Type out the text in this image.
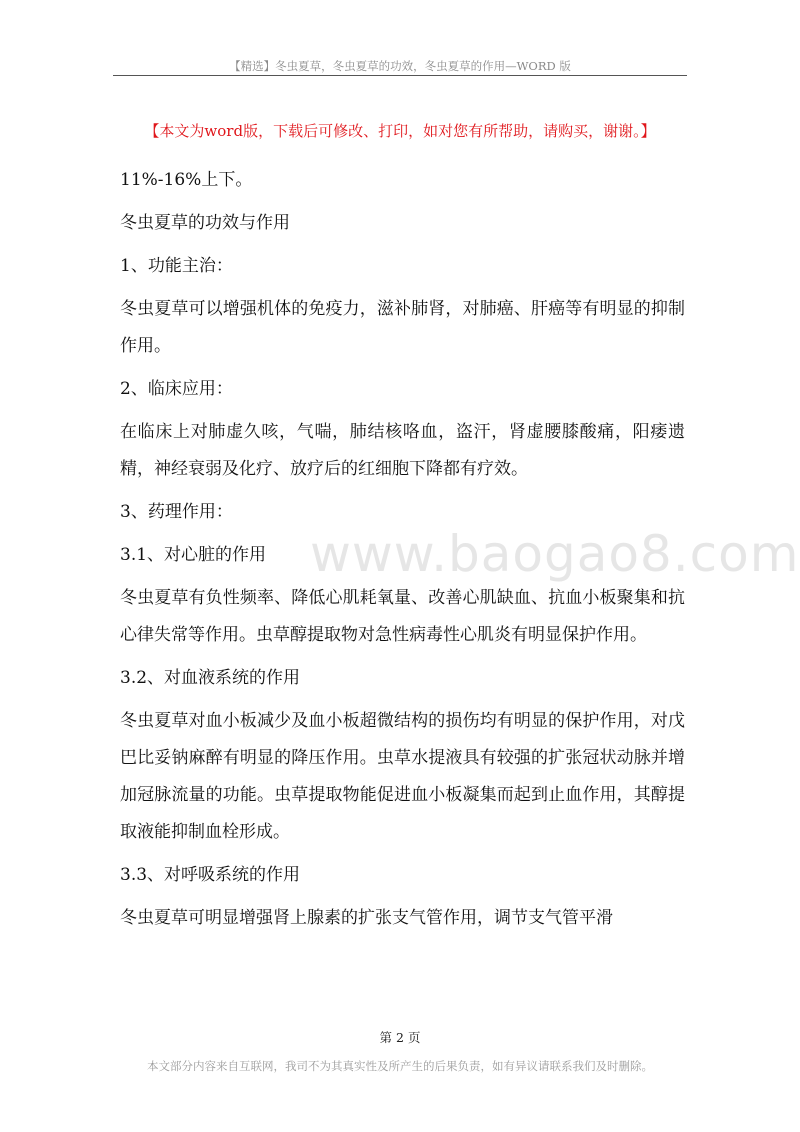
【精选】冬虫夏草，冬虫夏草的功效，冬虫夏草的作用—WORD 版
【本文为word版，下载后可修改、打印，如对您有所帮助，请购买，谢谢。】
www.baogao8.com

11%-16%上下。

冬虫夏草的功效与作用

1、功能主治：

冬虫夏草可以增强机体的免疫力，滋补肺肾，对肺癌、肝癌等有明显的抑制作用。

2、临床应用：

在临床上对肺虚久咳，气喘，肺结核咯血，盗汗，肾虚腰膝酸痛，阳痿遗精，神经衰弱及化疗、放疗后的红细胞下降都有疗效。

3、药理作用：

3.1、对心脏的作用

冬虫夏草有负性频率、降低心肌耗氧量、改善心肌缺血、抗血小板聚集和抗心律失常等作用。虫草醇提取物对急性病毒性心肌炎有明显保护作用。

3.2、对血液系统的作用

冬虫夏草对血小板减少及血小板超微结构的损伤均有明显的保护作用，对戊巴比妥钠麻醉有明显的降压作用。虫草水提液具有较强的扩张冠状动脉并增加冠脉流量的功能。虫草提取物能促进血小板凝集而起到止血作用，其醇提取液能抑制血栓形成。

3.3、对呼吸系统的作用

冬虫夏草可明显增强肾上腺素的扩张支气管作用，调节支气管平滑

第 2 页
本文部分内容来自互联网，我司不为其真实性及所产生的后果负责，如有异议请联系我们及时删除。
